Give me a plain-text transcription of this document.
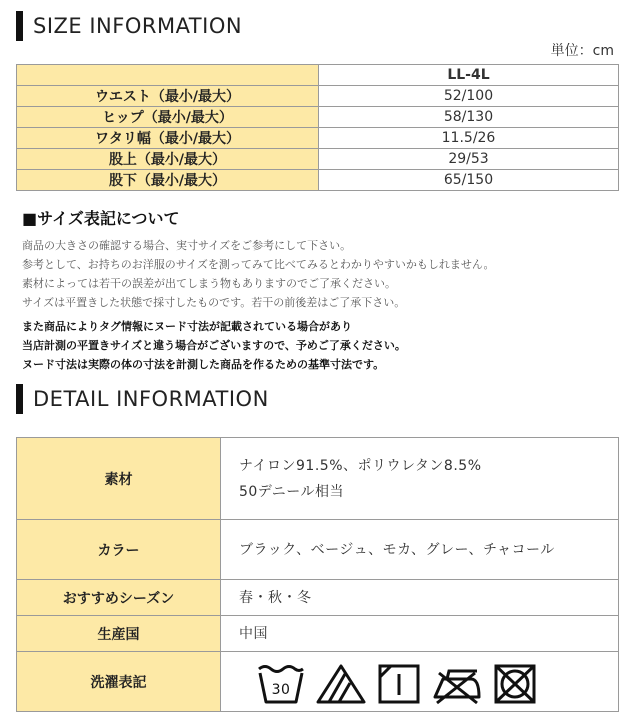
SIZE INFORMATION
単位：cm
	LL-4L
ウエスト（最小/最大）	52/100
ヒップ（最小/最大）	58/130
ワタリ幅（最小/最大）	11.5/26
股上（最小/最大）	29/53
股下（最小/最大）	65/150
■サイズ表記について
商品の大きさの確認する場合、実寸サイズをご参考にして下さい。
参考として、お持ちのお洋服のサイズを測ってみて比べてみるとわかりやすいかもしれません。
素材によっては若干の誤差が出てしまう物もありますのでご了承ください。
サイズは平置きした状態で採寸したものです。若干の前後差はご了承下さい。
また商品によりタグ情報にヌード寸法が記載されている場合があり
当店計測の平置きサイズと違う場合がございますので、予めご了承ください。
ヌード寸法は実際の体の寸法を計測した商品を作るための基準寸法です。
DETAIL INFORMATION
素材	ナイロン91.5%、ポリウレタン8.5%
50デニール相当

カラー	ブラック、ベージュ、モカ、グレー、チャコール
おすすめシーズン	春・秋・冬
生産国	中国
洗濯表記	30
